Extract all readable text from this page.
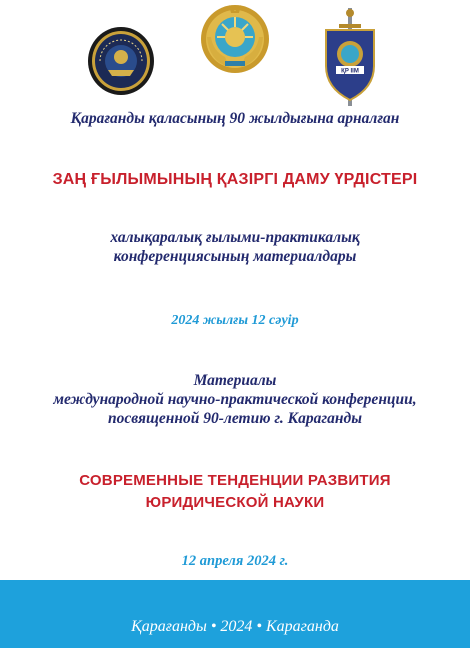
ҚР ІІМ

Қарағанды қаласының 90 жылдығына арналған

ЗАҢ ҒЫЛЫМЫНЫҢ ҚАЗІРГІ ДАМУ ҮРДІСТЕРІ

халықаралық ғылыми-практикалық

конференциясының материалдары

2024 жылғы 12 сәуір

Материалы

международной научно-практической конференции,

посвященной 90-летию г. Караганды

СОВРЕМЕННЫЕ ТЕНДЕНЦИИ РАЗВИТИЯ

ЮРИДИЧЕСКОЙ НАУКИ

12 апреля 2024 г.

Қарағанды • 2024 • Караганда
